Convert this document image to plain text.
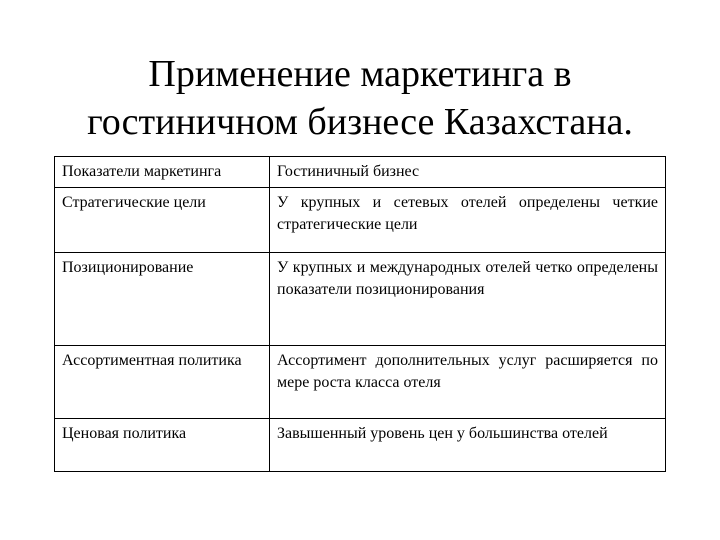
Применение маркетинга в
гостиничном бизнесе Казахстана.
Показатели маркетинга	Гостиничный бизнес
Стратегические цели	У крупных и сетевых отелей определены четкие стратегические цели
Позиционирование	У крупных и международных отелей четко определены показатели позиционирования
Ассортиментная политика	Ассортимент дополнительных услуг расширяется по мере роста класса отеля
Ценовая политика	Завышенный уровень цен у большинства отелей
